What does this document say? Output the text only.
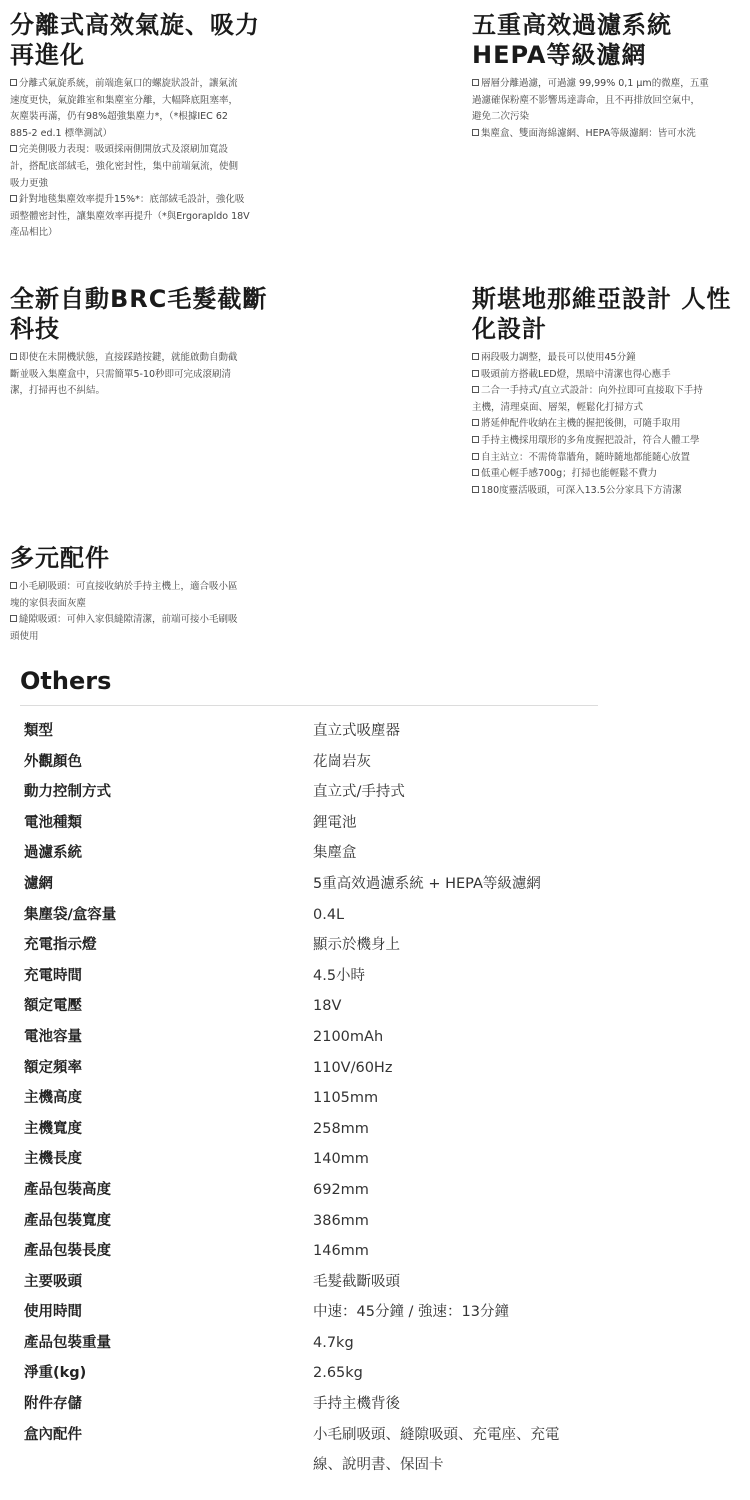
分離式高效氣旋、吸力
再進化
分離式氣旋系統，前端進氣口的螺旋狀設計，讓氣流
速度更快，氣旋錐室和集塵室分離，大幅降底阻塞率，
灰塵裝再滿，仍有98%超強集塵力*，（*根據IEC 62
885-2 ed.1 標準測試）
完美側吸力表現：吸頭採兩側開放式及滾刷加寬設
計，搭配底部絨毛，強化密封性，集中前端氣流，使側
吸力更強
針對地毯集塵效率提升15%*：底部絨毛設計，強化吸
頭整體密封性，讓集塵效率再提升（*與Ergorapldo 18V
產品相比）
五重高效過濾系統
HEPA等級濾網
層層分離過濾，可過濾 99,99% 0,1 μm的微塵，五重
過濾確保粉塵不影響馬達壽命，且不再排放回空氣中，
避免二次污染
集塵盒、雙面海綿濾網、HEPA等級濾網：皆可水洗
全新自動BRC毛髮截斷
科技
即使在未開機狀態，直接踩踏按鍵，就能啟動自動截
斷並吸入集塵盒中，只需簡單5-10秒即可完成滾刷清
潔，打掃再也不糾結。
斯堪地那維亞設計 人性
化設計
兩段吸力調整，最長可以使用45分鐘
吸頭前方搭載LED燈，黑暗中清潔也得心應手
二合一手持式/直立式設計：向外拉即可直接取下手持
主機，清理桌面、層架，輕鬆化打掃方式
將延伸配件收納在主機的握把後側，可隨手取用
手持主機採用環形的多角度握把設計，符合人體工學
自主站立：不需倚靠牆角，隨時隨地都能隨心放置
低重心輕手感700g；打掃也能輕鬆不費力
180度靈活吸頭，可深入13.5公分家具下方清潔
多元配件
小毛刷吸頭：可直接收納於手持主機上，適合吸小區
塊的家俱表面灰塵
縫隙吸頭：可伸入家俱縫隙清潔，前端可接小毛刷吸
頭使用
Others
類型	直立式吸塵器
外觀顏色	花崗岩灰
動力控制方式	直立式/手持式
電池種類	鋰電池
過濾系統	集塵盒
濾網	5重高效過濾系統 + HEPA等級濾網
集塵袋/盒容量	0.4L
充電指示燈	顯示於機身上
充電時間	4.5小時
額定電壓	18V
電池容量	2100mAh
額定頻率	110V/60Hz
主機高度	1105mm
主機寬度	258mm
主機長度	140mm
產品包裝高度	692mm
產品包裝寬度	386mm
產品包裝長度	146mm
主要吸頭	毛髮截斷吸頭
使用時間	中速：45分鐘 / 強速：13分鐘
產品包裝重量	4.7kg
淨重(kg)	2.65kg
附件存儲	手持主機背後
盒內配件	小毛刷吸頭、縫隙吸頭、充電座、充電
線、說明書、保固卡
